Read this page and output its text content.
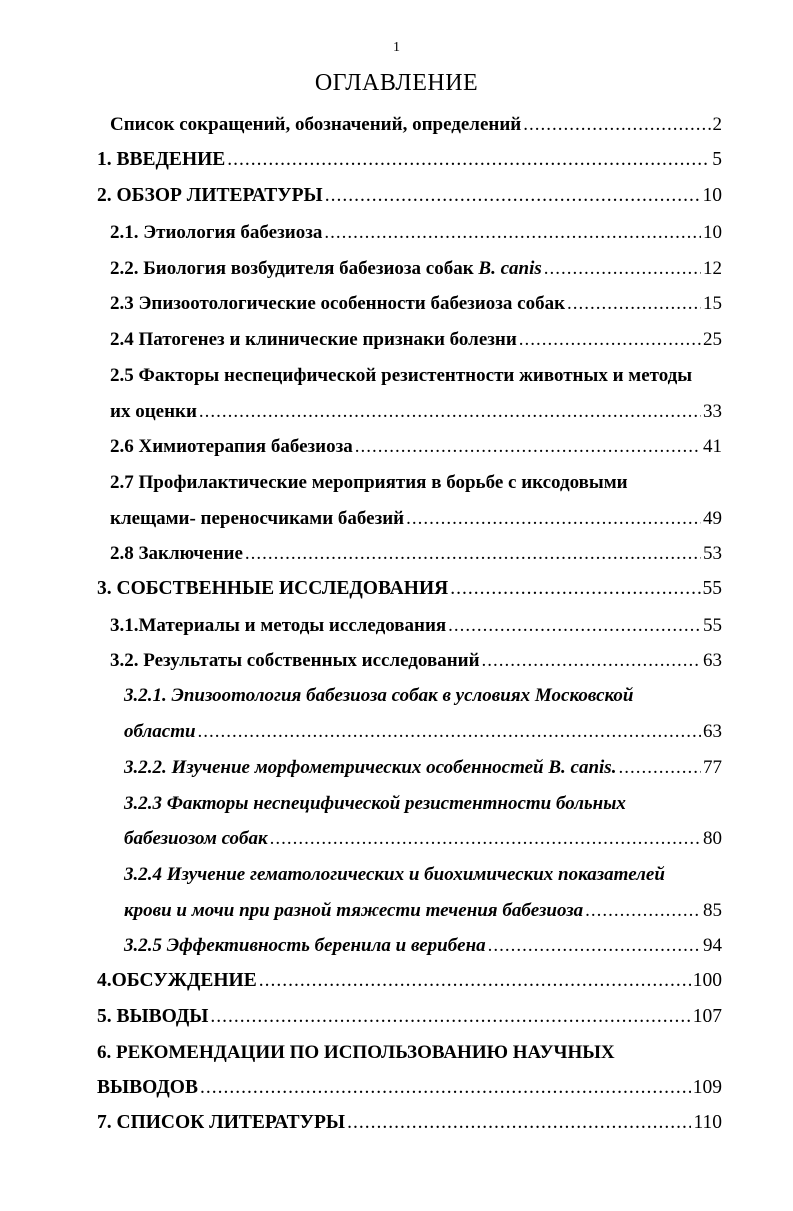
1
ОГЛАВЛЕНИЕ
Список сокращений, обозначений, определений .....	2
1. ВВЕДЕНИЕ .....	5
2. ОБЗОР ЛИТЕРАТУРЫ .....	10
2.1. Этиология бабезиоза .....	10
2.2. Биология возбудителя бабезиоза собак B. canis .....	12
2.3 Эпизоотологические особенности бабезиоза собак .....	15
2.4 Патогенез и клинические признаки болезни .....	25
2.5 Факторы неспецифической резистентности животных и методы
их оценки .....	33
2.6 Химиотерапия бабезиоза .....	41
2.7 Профилактические мероприятия в борьбе с иксодовыми
клещами- переносчиками бабезий .....	49
2.8 Заключение .....	53
3. СОБСТВЕННЫЕ ИССЛЕДОВАНИЯ .....	55
3.1.Материалы и методы исследования .....	55
3.2. Результаты собственных исследований .....	63
3.2.1. Эпизоотология бабезиоза собак в условиях Московской
области .....	63
3.2.2. Изучение морфометрических особенностей B. canis. .....	77
3.2.3 Факторы неспецифической резистентности больных
бабезиозом собак .....	80
3.2.4 Изучение гематологических и биохимических показателей
крови и мочи при разной тяжести течения бабезиоза .....	85
3.2.5 Эффективность беренила и верибена .....	94
4.ОБСУЖДЕНИЕ .....	100
5. ВЫВОДЫ .....	107
6. РЕКОМЕНДАЦИИ ПО ИСПОЛЬЗОВАНИЮ НАУЧНЫХ
ВЫВОДОВ .....	109
7. СПИСОК ЛИТЕРАТУРЫ .....	110
